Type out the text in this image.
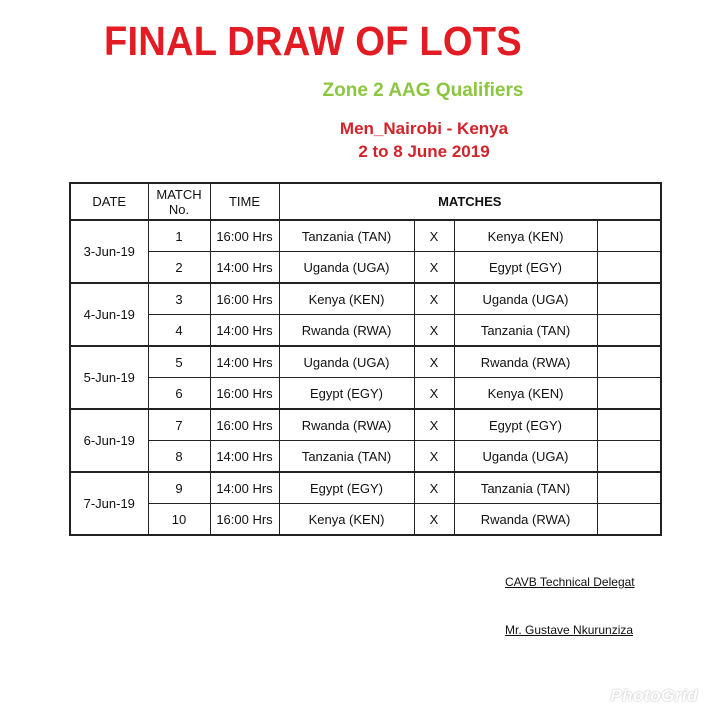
FINAL DRAW OF LOTS
Zone 2 AAG Qualifiers
Men_Nairobi - Kenya
2 to 8 June 2019
DATE	MATCH No.	TIME	MATCHES			
3-Jun-19	1	16:00 Hrs	Tanzania (TAN)	X	Kenya (KEN)	
	2	14:00 Hrs	Uganda (UGA)	X	Egypt (EGY)	
4-Jun-19	3	16:00 Hrs	Kenya (KEN)	X	Uganda (UGA)	
	4	14:00 Hrs	Rwanda (RWA)	X	Tanzania (TAN)	
5-Jun-19	5	14:00 Hrs	Uganda (UGA)	X	Rwanda (RWA)	
	6	16:00 Hrs	Egypt (EGY)	X	Kenya (KEN)	
6-Jun-19	7	16:00 Hrs	Rwanda (RWA)	X	Egypt (EGY)	
	8	14:00 Hrs	Tanzania (TAN)	X	Uganda (UGA)	
7-Jun-19	9	14:00 Hrs	Egypt (EGY)	X	Tanzania (TAN)	
	10	16:00 Hrs	Kenya (KEN)	X	Rwanda (RWA)	
CAVB Technical Delegat
Mr. Gustave Nkurunziza
PhotoGrid
